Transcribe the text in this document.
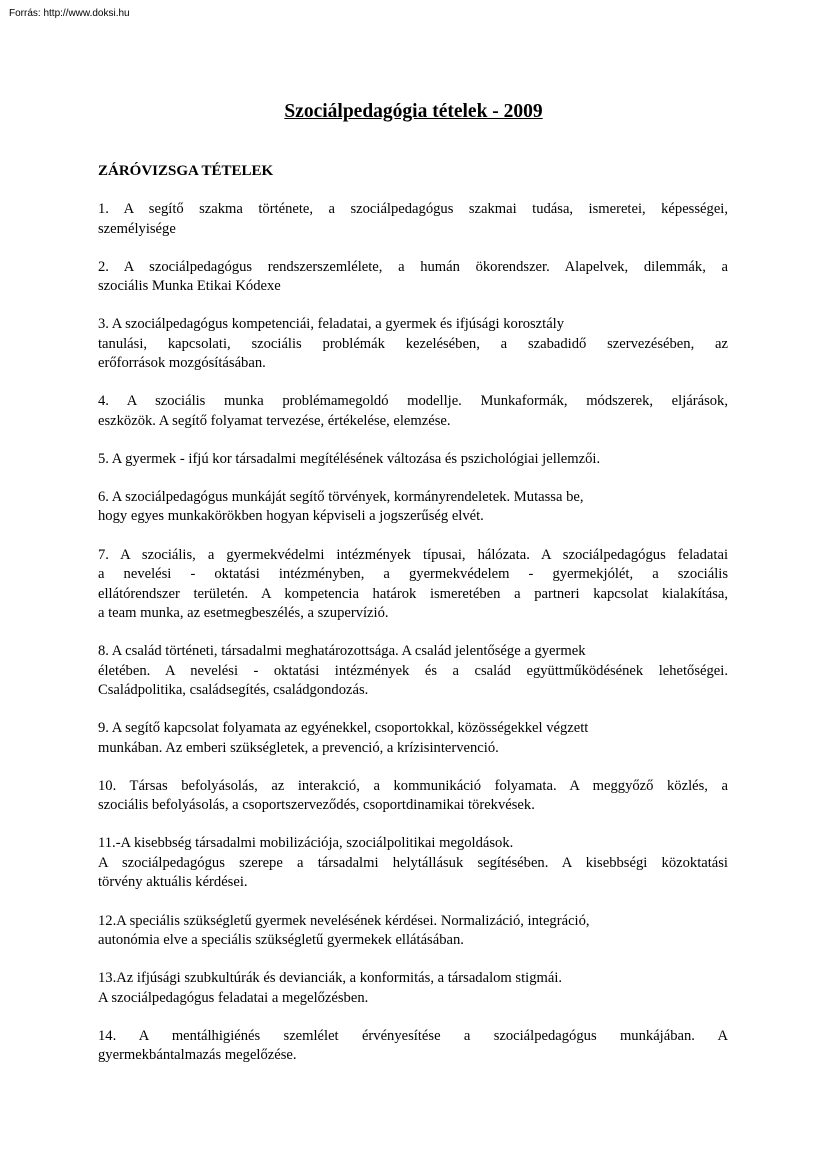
Forrás: http://www.doksi.hu

Szociálpedagógia tételek - 2009
ZÁRÓVIZSGA TÉTELEK
1. A segítő szakma története, a szociálpedagógus szakmai tudása, ismeretei, képességei,
személyisége
2. A szociálpedagógus rendszerszemlélete, a humán ökorendszer. Alapelvek, dilemmák, a
szociális Munka Etikai Kódexe
3. A szociálpedagógus kompetenciái, feladatai, a gyermek és ifjúsági korosztály
tanulási, kapcsolati, szociális problémák kezelésében, a szabadidő szervezésében, az
erőforrások mozgósításában.
4. A szociális munka problémamegoldó modellje. Munkaformák, módszerek, eljárások,
eszközök. A segítő folyamat tervezése, értékelése, elemzése.
5. A gyermek - ifjú kor társadalmi megítélésének változása és pszichológiai jellemzői.
6. A szociálpedagógus munkáját segítő törvények, kormányrendeletek. Mutassa be,
hogy egyes munkakörökben hogyan képviseli a jogszerűség elvét.
7. A szociális, a gyermekvédelmi intézmények típusai, hálózata. A szociálpedagógus feladatai
a nevelési - oktatási intézményben, a gyermekvédelem - gyermekjólét, a szociális
ellátórendszer területén. A kompetencia határok ismeretében a partneri kapcsolat kialakítása,
a team munka, az esetmegbeszélés, a szupervízió.
8. A család történeti, társadalmi meghatározottsága. A család jelentősége a gyermek
életében. A nevelési - oktatási intézmények és a család együttműködésének lehetőségei.
Családpolitika, családsegítés, családgondozás.
9. A segítő kapcsolat folyamata az egyénekkel, csoportokkal, közösségekkel végzett
munkában. Az emberi szükségletek, a prevenció, a krízisintervenció.
10. Társas befolyásolás, az interakció, a kommunikáció folyamata. A meggyőző közlés, a
szociális befolyásolás, a csoportszerveződés, csoportdinamikai törekvések.
11.-A kisebbség társadalmi mobilizációja, szociálpolitikai megoldások.
A szociálpedagógus szerepe a társadalmi helytállásuk segítésében. A kisebbségi közoktatási
törvény aktuális kérdései.
12.A speciális szükségletű gyermek nevelésének kérdései. Normalizáció, integráció,
autonómia elve a speciális szükségletű gyermekek ellátásában.
13.Az ifjúsági szubkultúrák és devianciák, a konformitás, a társadalom stigmái.
A szociálpedagógus feladatai a megelőzésben.
14. A mentálhigiénés szemlélet érvényesítése a szociálpedagógus munkájában. A
gyermekbántalmazás megelőzése.
